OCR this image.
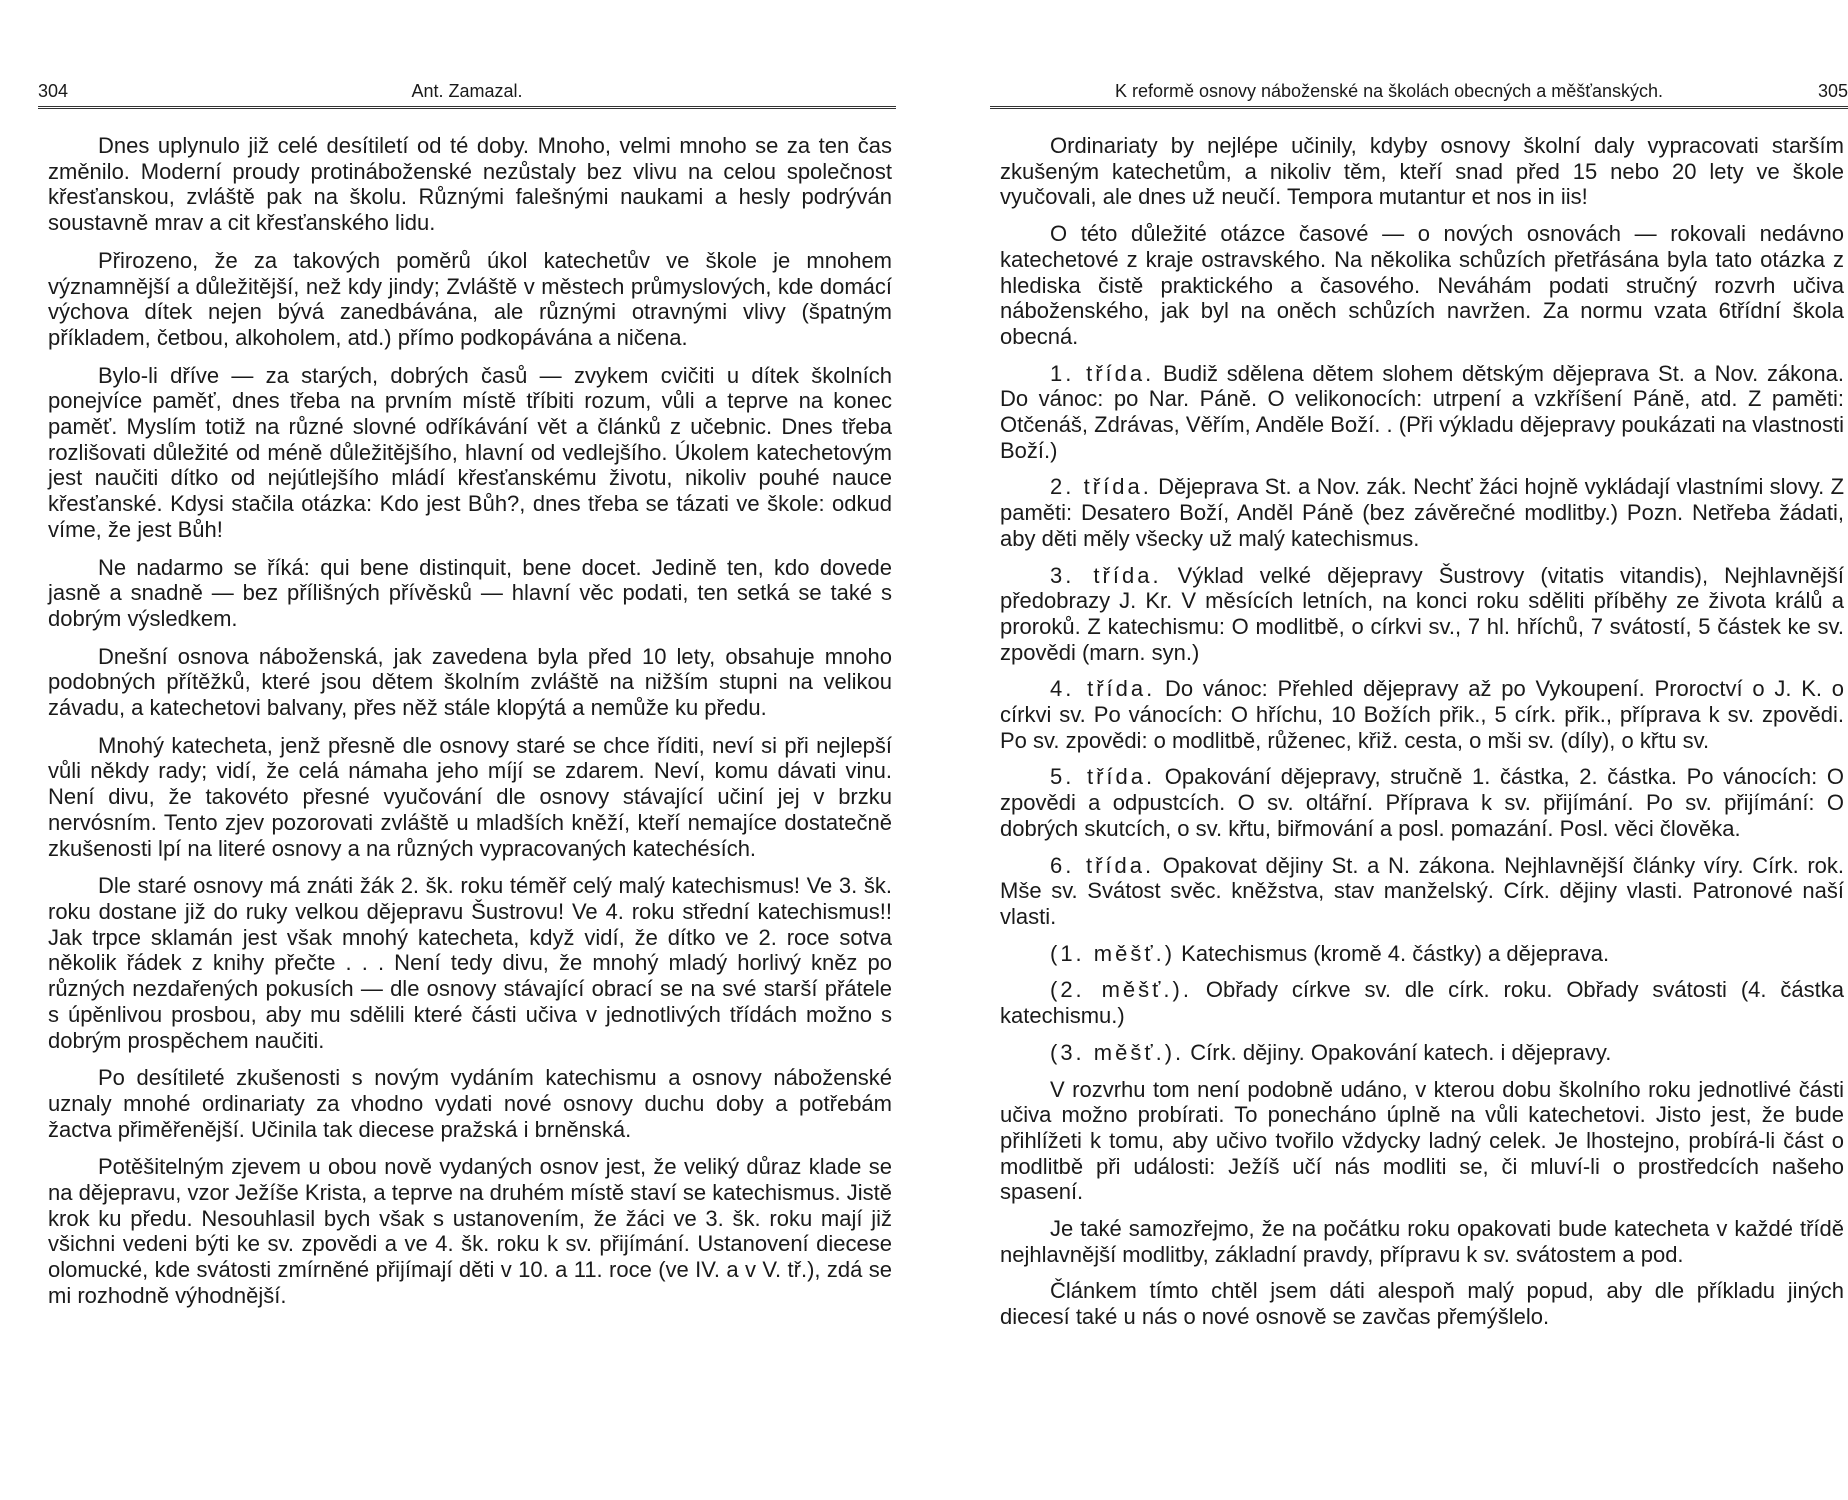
304	Ant. Zamazal.

Dnes uplynulo již celé desítiletí od té doby. Mnoho, velmi mnoho se za ten čas změnilo. Moderní proudy protináboženské nezůstaly bez vlivu na celou společnost křesťanskou, zvláště pak na školu. Různými falešnými naukami a hesly podrýván soustavně mrav a cit křesťanského lidu.

Přirozeno, že za takových poměrů úkol katechetův ve škole je mnohem významnější a důležitější, než kdy jindy; Zvláště v městech průmyslových, kde domácí výchova dítek nejen bývá zanedbávána, ale různými otravnými vlivy (špatným příkladem, četbou, alkoholem, atd.) přímo podkopávána a ničena.

Bylo-li dříve — za starých, dobrých časů — zvykem cvičiti u dítek školních ponejvíce paměť, dnes třeba na prvním místě tříbiti rozum, vůli a teprve na konec paměť. Myslím totiž na různé slovné odříkávání vět a článků z učebnic. Dnes třeba rozlišovati důležité od méně důležitějšího, hlavní od vedlejšího. Úkolem katechetovým jest naučiti dítko od nejútlejšího mládí křesťanskému životu, nikoliv pouhé nauce křesťanské. Kdysi stačila otázka: Kdo jest Bůh?, dnes třeba se tázati ve škole: odkud víme, že jest Bůh!

Ne nadarmo se říká: qui bene distinquit, bene docet. Jedině ten, kdo dovede jasně a snadně — bez přílišných přívěsků — hlavní věc podati, ten setká se také s dobrým výsledkem.

Dnešní osnova náboženská, jak zavedena byla před 10 lety, obsahuje mnoho podobných přítěžků, které jsou dětem školním zvláště na nižším stupni na velikou závadu, a katechetovi balvany, přes něž stále klopýtá a nemůže ku předu.

Mnohý katecheta, jenž přesně dle osnovy staré se chce říditi, neví si při nejlepší vůli někdy rady; vidí, že celá námaha jeho míjí se zdarem. Neví, komu dávati vinu. Není divu, že takovéto přesné vyučování dle osnovy stávající učiní jej v brzku nervósním. Tento zjev pozorovati zvláště u mladších kněží, kteří nemajíce dostatečně zkušenosti lpí na literé osnovy a na různých vypracovaných katechésích.

Dle staré osnovy má znáti žák 2. šk. roku téměř celý malý katechismus! Ve 3. šk. roku dostane již do ruky velkou dějepravu Šustrovu! Ve 4. roku střední katechismus!! Jak trpce sklamán jest však mnohý katecheta, když vidí, že dítko ve 2. roce sotva několik řádek z knihy přečte . . . Není tedy divu, že mnohý mladý horlivý kněz po různých nezdařených pokusích — dle osnovy stávající obrací se na své starší přátele s úpěnlivou prosbou, aby mu sdělili které části učiva v jednotlivých třídách možno s dobrým prospěchem naučiti.

Po desítileté zkušenosti s novým vydáním katechismu a osnovy náboženské uznaly mnohé ordinariaty za vhodno vydati nové osnovy duchu doby a potřebám žactva přiměřenější. Učinila tak diecese pražská i brněnská.

Potěšitelným zjevem u obou nově vydaných osnov jest, že veliký důraz klade se na dějepravu, vzor Ježíše Krista, a teprve na druhém místě staví se katechismus. Jistě krok ku předu. Nesouhlasil bych však s ustanovením, že žáci ve 3. šk. roku mají již všichni vedeni býti ke sv. zpovědi a ve 4. šk. roku k sv. přijímání. Ustanovení diecese olomucké, kde svátosti zmírněné přijímají děti v 10. a 11. roce (ve IV. a v V. tř.), zdá se mi rozhodně výhodnější.

K reformě osnovy náboženské na školách obecných a měšťanských.	305

Ordinariaty by nejlépe učinily, kdyby osnovy školní daly vypracovati starším zkušeným katechetům, a nikoliv těm, kteří snad před 15 nebo 20 lety ve škole vyučovali, ale dnes už neučí. Tempora mutantur et nos in iis!

O této důležité otázce časové — o nových osnovách — rokovali nedávno katechetové z kraje ostravského. Na několika schůzích přetřásána byla tato otázka z hlediska čistě praktického a časového. Neváhám podati stručný rozvrh učiva náboženského, jak byl na oněch schůzích navržen. Za normu vzata 6třídní škola obecná.

1. třída. Budiž sdělena dětem slohem dětským dějeprava St. a Nov. zákona. Do vánoc: po Nar. Páně. O velikonocích: utrpení a vzkříšení Páně, atd. Z paměti: Otčenáš, Zdrávas, Věřím, Anděle Boží. . (Při výkladu dějepravy poukázati na vlastnosti Boží.)

2. třída. Dějeprava St. a Nov. zák. Nechť žáci hojně vykládají vlastními slovy. Z paměti: Desatero Boží, Anděl Páně (bez závěrečné modlitby.) Pozn. Netřeba žádati, aby děti měly všecky už malý katechismus.

3. třída. Výklad velké dějepravy Šustrovy (vitatis vitandis), Nejhlavnější předobrazy J. Kr. V měsících letních, na konci roku sděliti příběhy ze života králů a proroků. Z katechismu: O modlitbě, o církvi sv., 7 hl. hříchů, 7 svátostí, 5 částek ke sv. zpovědi (marn. syn.)

4. třída. Do vánoc: Přehled dějepravy až po Vykoupení. Proroctví o J. K. o církvi sv. Po vánocích: O hříchu, 10 Božích přik., 5 círk. přik., příprava k sv. zpovědi. Po sv. zpovědi: o modlitbě, růženec, křiž. cesta, o mši sv. (díly), o křtu sv.

5. třída. Opakování dějepravy, stručně 1. částka, 2. částka. Po vánocích: O zpovědi a odpustcích. O sv. oltářní. Příprava k sv. přijímání. Po sv. přijímání: O dobrých skutcích, o sv. křtu, biřmování a posl. pomazání. Posl. věci člověka.

6. třída. Opakovat dějiny St. a N. zákona. Nejhlavnější články víry. Círk. rok. Mše sv. Svátost svěc. kněžstva, stav manželský. Círk. dějiny vlasti. Patronové naší vlasti.

(1. měšť.) Katechismus (kromě 4. částky) a dějeprava.

(2. měšť.). Obřady církve sv. dle círk. roku. Obřady svátosti (4. částka katechismu.)

(3. měšť.). Círk. dějiny. Opakování katech. i dějepravy.

V rozvrhu tom není podobně udáno, v kterou dobu školního roku jednotlivé části učiva možno probírati. To ponecháno úplně na vůli katechetovi. Jisto jest, že bude přihlížeti k tomu, aby učivo tvořilo vždycky ladný celek. Je lhostejno, probírá-li část o modlitbě při události: Ježíš učí nás modliti se, či mluví-li o prostředcích našeho spasení.

Je také samozřejmo, že na počátku roku opakovati bude katecheta v každé třídě nejhlavnější modlitby, základní pravdy, přípravu k sv. svátostem a pod.

Článkem tímto chtěl jsem dáti alespoň malý popud, aby dle příkladu jiných diecesí také u nás o nové osnově se zavčas přemýšlelo.
